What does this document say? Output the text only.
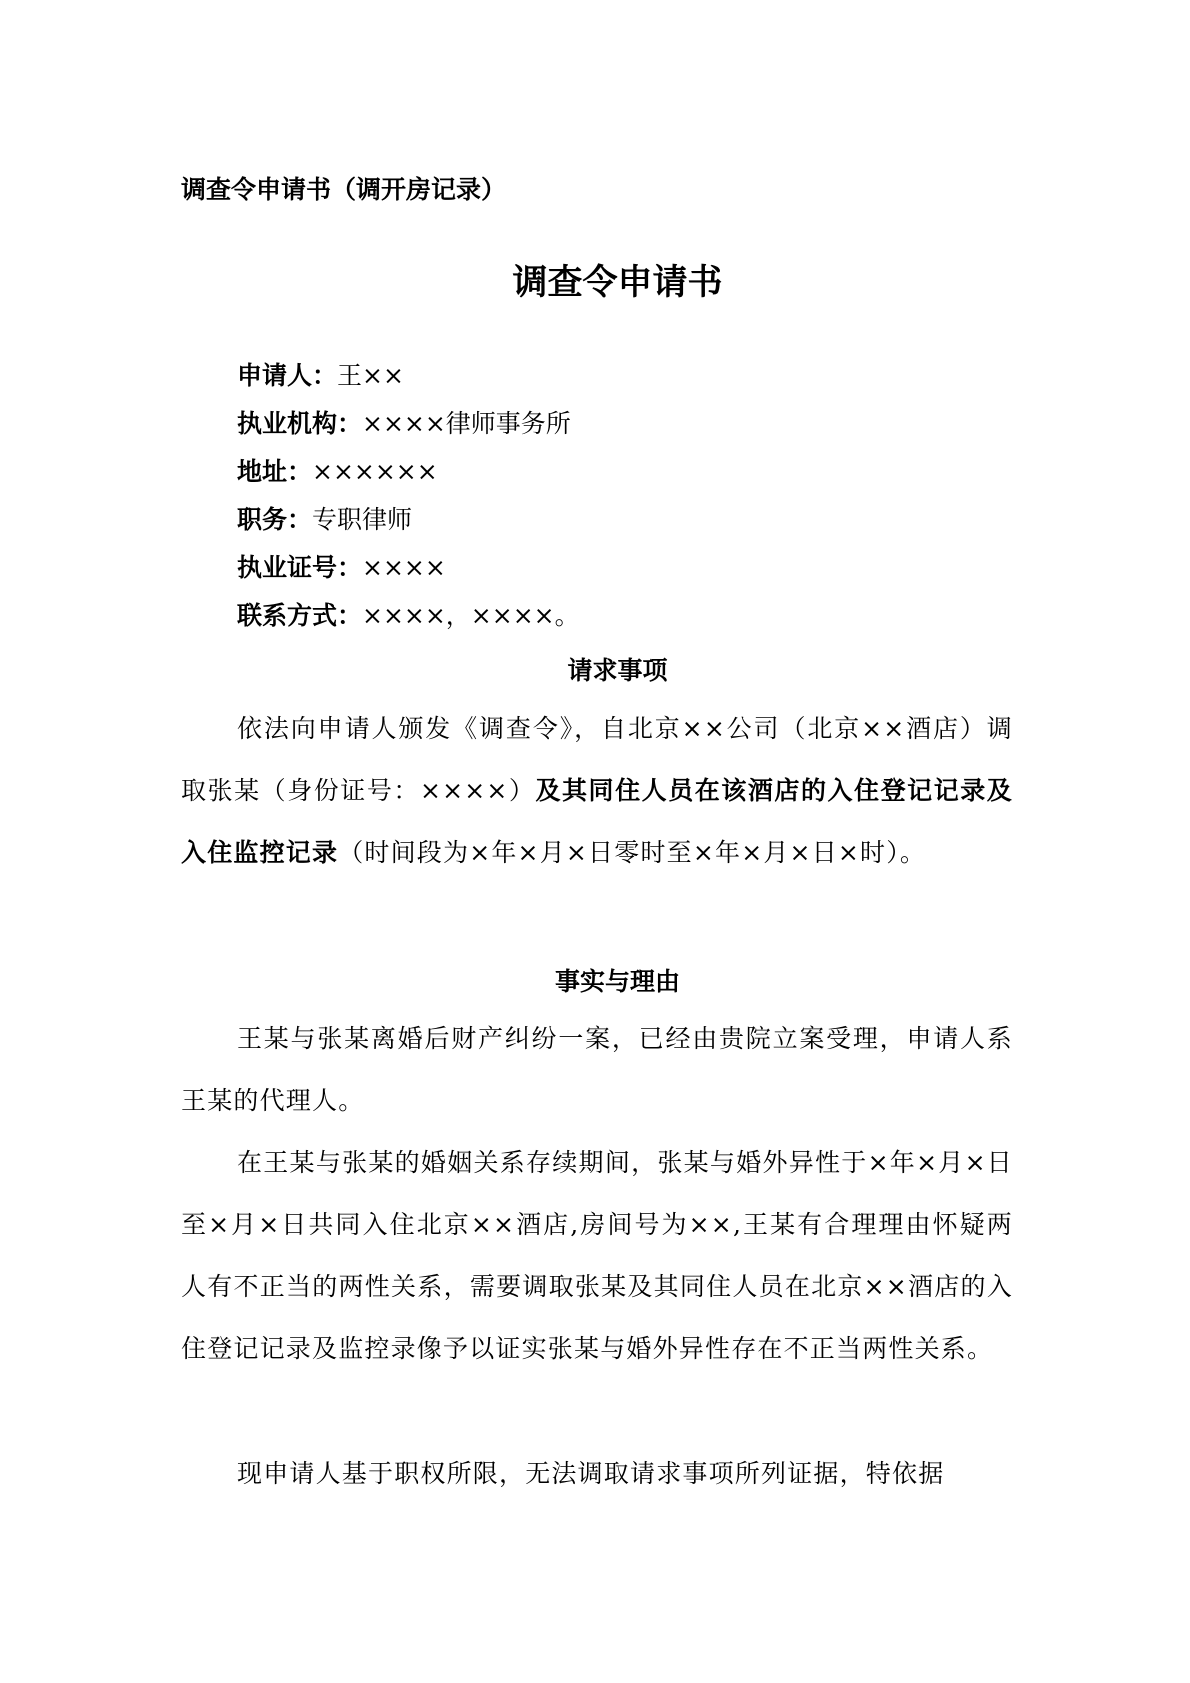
调查令申请书（调开房记录）
调查令申请书
申请人：王××
执业机构：××××律师事务所
地址：××××××
职务：专职律师
执业证号：××××
联系方式：××××，××××。
请求事项
依法向申请人颁发《调查令》，自北京××公司（北京××酒店）调取张某（身份证号：××××）及其同住人员在该酒店的入住登记记录及入住监控记录（时间段为×年×月×日零时至×年×月×日×时）。
事实与理由
王某与张某离婚后财产纠纷一案，已经由贵院立案受理，申请人系王某的代理人。
在王某与张某的婚姻关系存续期间，张某与婚外异性于×年×月×日至×月×日共同入住北京××酒店,房间号为××,王某有合理理由怀疑两人有不正当的两性关系，需要调取张某及其同住人员在北京××酒店的入住登记记录及监控录像予以证实张某与婚外异性存在不正当两性关系。
现申请人基于职权所限，无法调取请求事项所列证据，特依据
